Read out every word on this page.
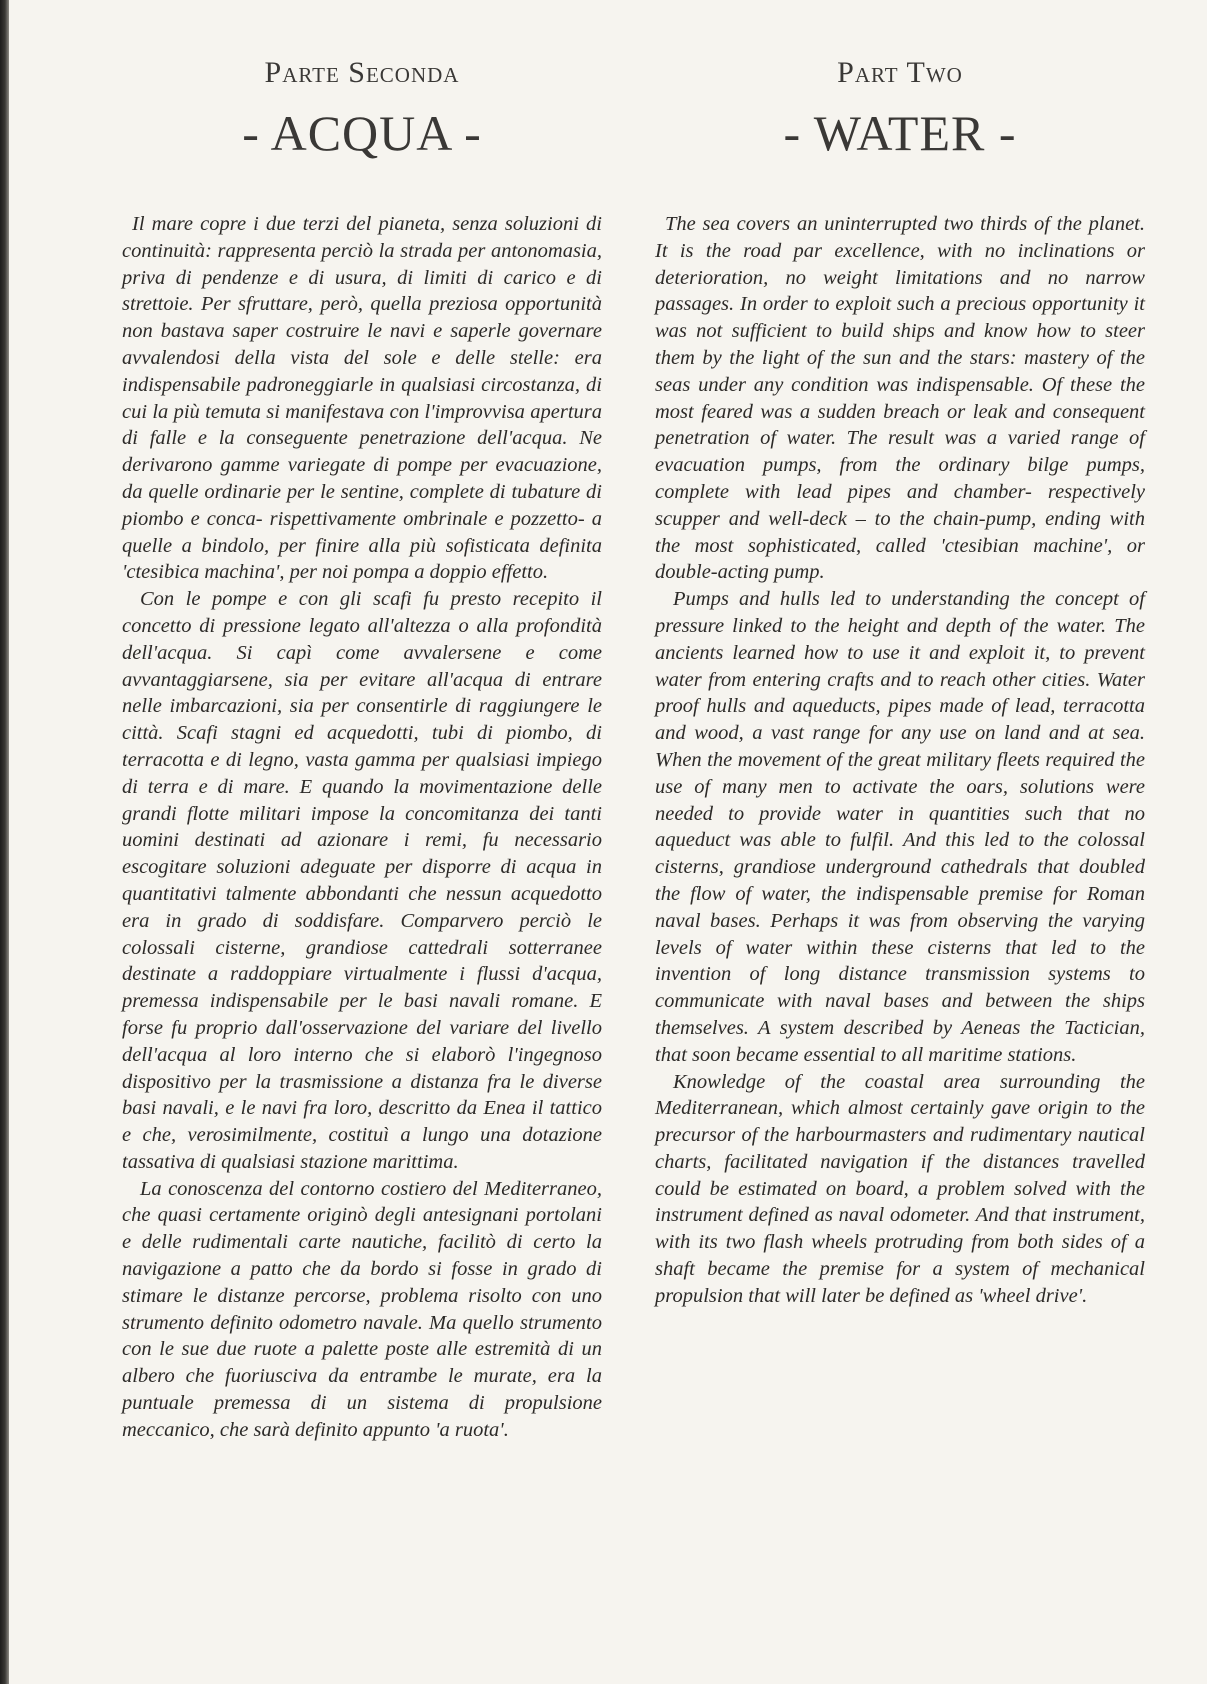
Parte Seconda
- ACQUA -

Il mare copre i due terzi del pianeta, senza soluzioni di continuità: rappresenta perciò la strada per antonomasia, priva di pendenze e di usura, di limiti di carico e di strettoie. Per sfruttare, però, quella preziosa opportunità non bastava saper costruire le navi e saperle governare avvalendosi della vista del sole e delle stelle: era indispensabile padroneggiarle in qualsiasi circostanza, di cui la più temuta si manifestava con l'improvvisa apertura di falle e la conseguente penetrazione dell'acqua. Ne derivarono gamme variegate di pompe per evacuazione, da quelle ordinarie per le sentine, complete di tubature di piombo e conca- rispettivamente ombrinale e pozzetto- a quelle a bindolo, per finire alla più sofisticata definita 'ctesibica machina', per noi pompa a doppio effetto.

Con le pompe e con gli scafi fu presto recepito il concetto di pressione legato all'altezza o alla profondità dell'acqua. Si capì come avvalersene e come avvantaggiarsene, sia per evitare all'acqua di entrare nelle imbarcazioni, sia per consentirle di raggiungere le città. Scafi stagni ed acquedotti, tubi di piombo, di terracotta e di legno, vasta gamma per qualsiasi impiego di terra e di mare. E quando la movimentazione delle grandi flotte militari impose la concomitanza dei tanti uomini destinati ad azionare i remi, fu necessario escogitare soluzioni adeguate per disporre di acqua in quantitativi talmente abbondanti che nessun acquedotto era in grado di soddisfare. Comparvero perciò le colossali cisterne, grandiose cattedrali sotterranee destinate a raddoppiare virtualmente i flussi d'acqua, premessa indispensabile per le basi navali romane. E forse fu proprio dall'osservazione del variare del livello dell'acqua al loro interno che si elaborò l'ingegnoso dispositivo per la trasmissione a distanza fra le diverse basi navali, e le navi fra loro, descritto da Enea il tattico e che, verosimilmente, costituì a lungo una dotazione tassativa di qualsiasi stazione marittima.

La conoscenza del contorno costiero del Mediterraneo, che quasi certamente originò degli antesignani portolani e delle rudimentali carte nautiche, facilitò di certo la navigazione a patto che da bordo si fosse in grado di stimare le distanze percorse, problema risolto con uno strumento definito odometro navale. Ma quello strumento con le sue due ruote a palette poste alle estremità di un albero che fuoriusciva da entrambe le murate, era la puntuale premessa di un sistema di propulsione meccanico, che sarà definito appunto 'a ruota'.

Part Two
- WATER -

The sea covers an uninterrupted two thirds of the planet. It is the road par excellence, with no inclinations or deterioration, no weight limitations and no narrow passages. In order to exploit such a precious opportunity it was not sufficient to build ships and know how to steer them by the light of the sun and the stars: mastery of the seas under any condition was indispensable. Of these the most feared was a sudden breach or leak and consequent penetration of water. The result was a varied range of evacuation pumps, from the ordinary bilge pumps, complete with lead pipes and chamber- respectively scupper and well-deck – to the chain-pump, ending with the most sophisticated, called 'ctesibian machine', or double-acting pump.

Pumps and hulls led to understanding the concept of pressure linked to the height and depth of the water. The ancients learned how to use it and exploit it, to prevent water from entering crafts and to reach other cities. Water proof hulls and aqueducts, pipes made of lead, terracotta and wood, a vast range for any use on land and at sea. When the movement of the great military fleets required the use of many men to activate the oars, solutions were needed to provide water in quantities such that no aqueduct was able to fulfil. And this led to the colossal cisterns, grandiose underground cathedrals that doubled the flow of water, the indispensable premise for Roman naval bases. Perhaps it was from observing the varying levels of water within these cisterns that led to the invention of long distance transmission systems to communicate with naval bases and between the ships themselves. A system described by Aeneas the Tactician, that soon became essential to all maritime stations.

Knowledge of the coastal area surrounding the Mediterranean, which almost certainly gave origin to the precursor of the harbourmasters and rudimentary nautical charts, facilitated navigation if the distances travelled could be estimated on board, a problem solved with the instrument defined as naval odometer. And that instrument, with its two flash wheels protruding from both sides of a shaft became the premise for a system of mechanical propulsion that will later be defined as 'wheel drive'.
